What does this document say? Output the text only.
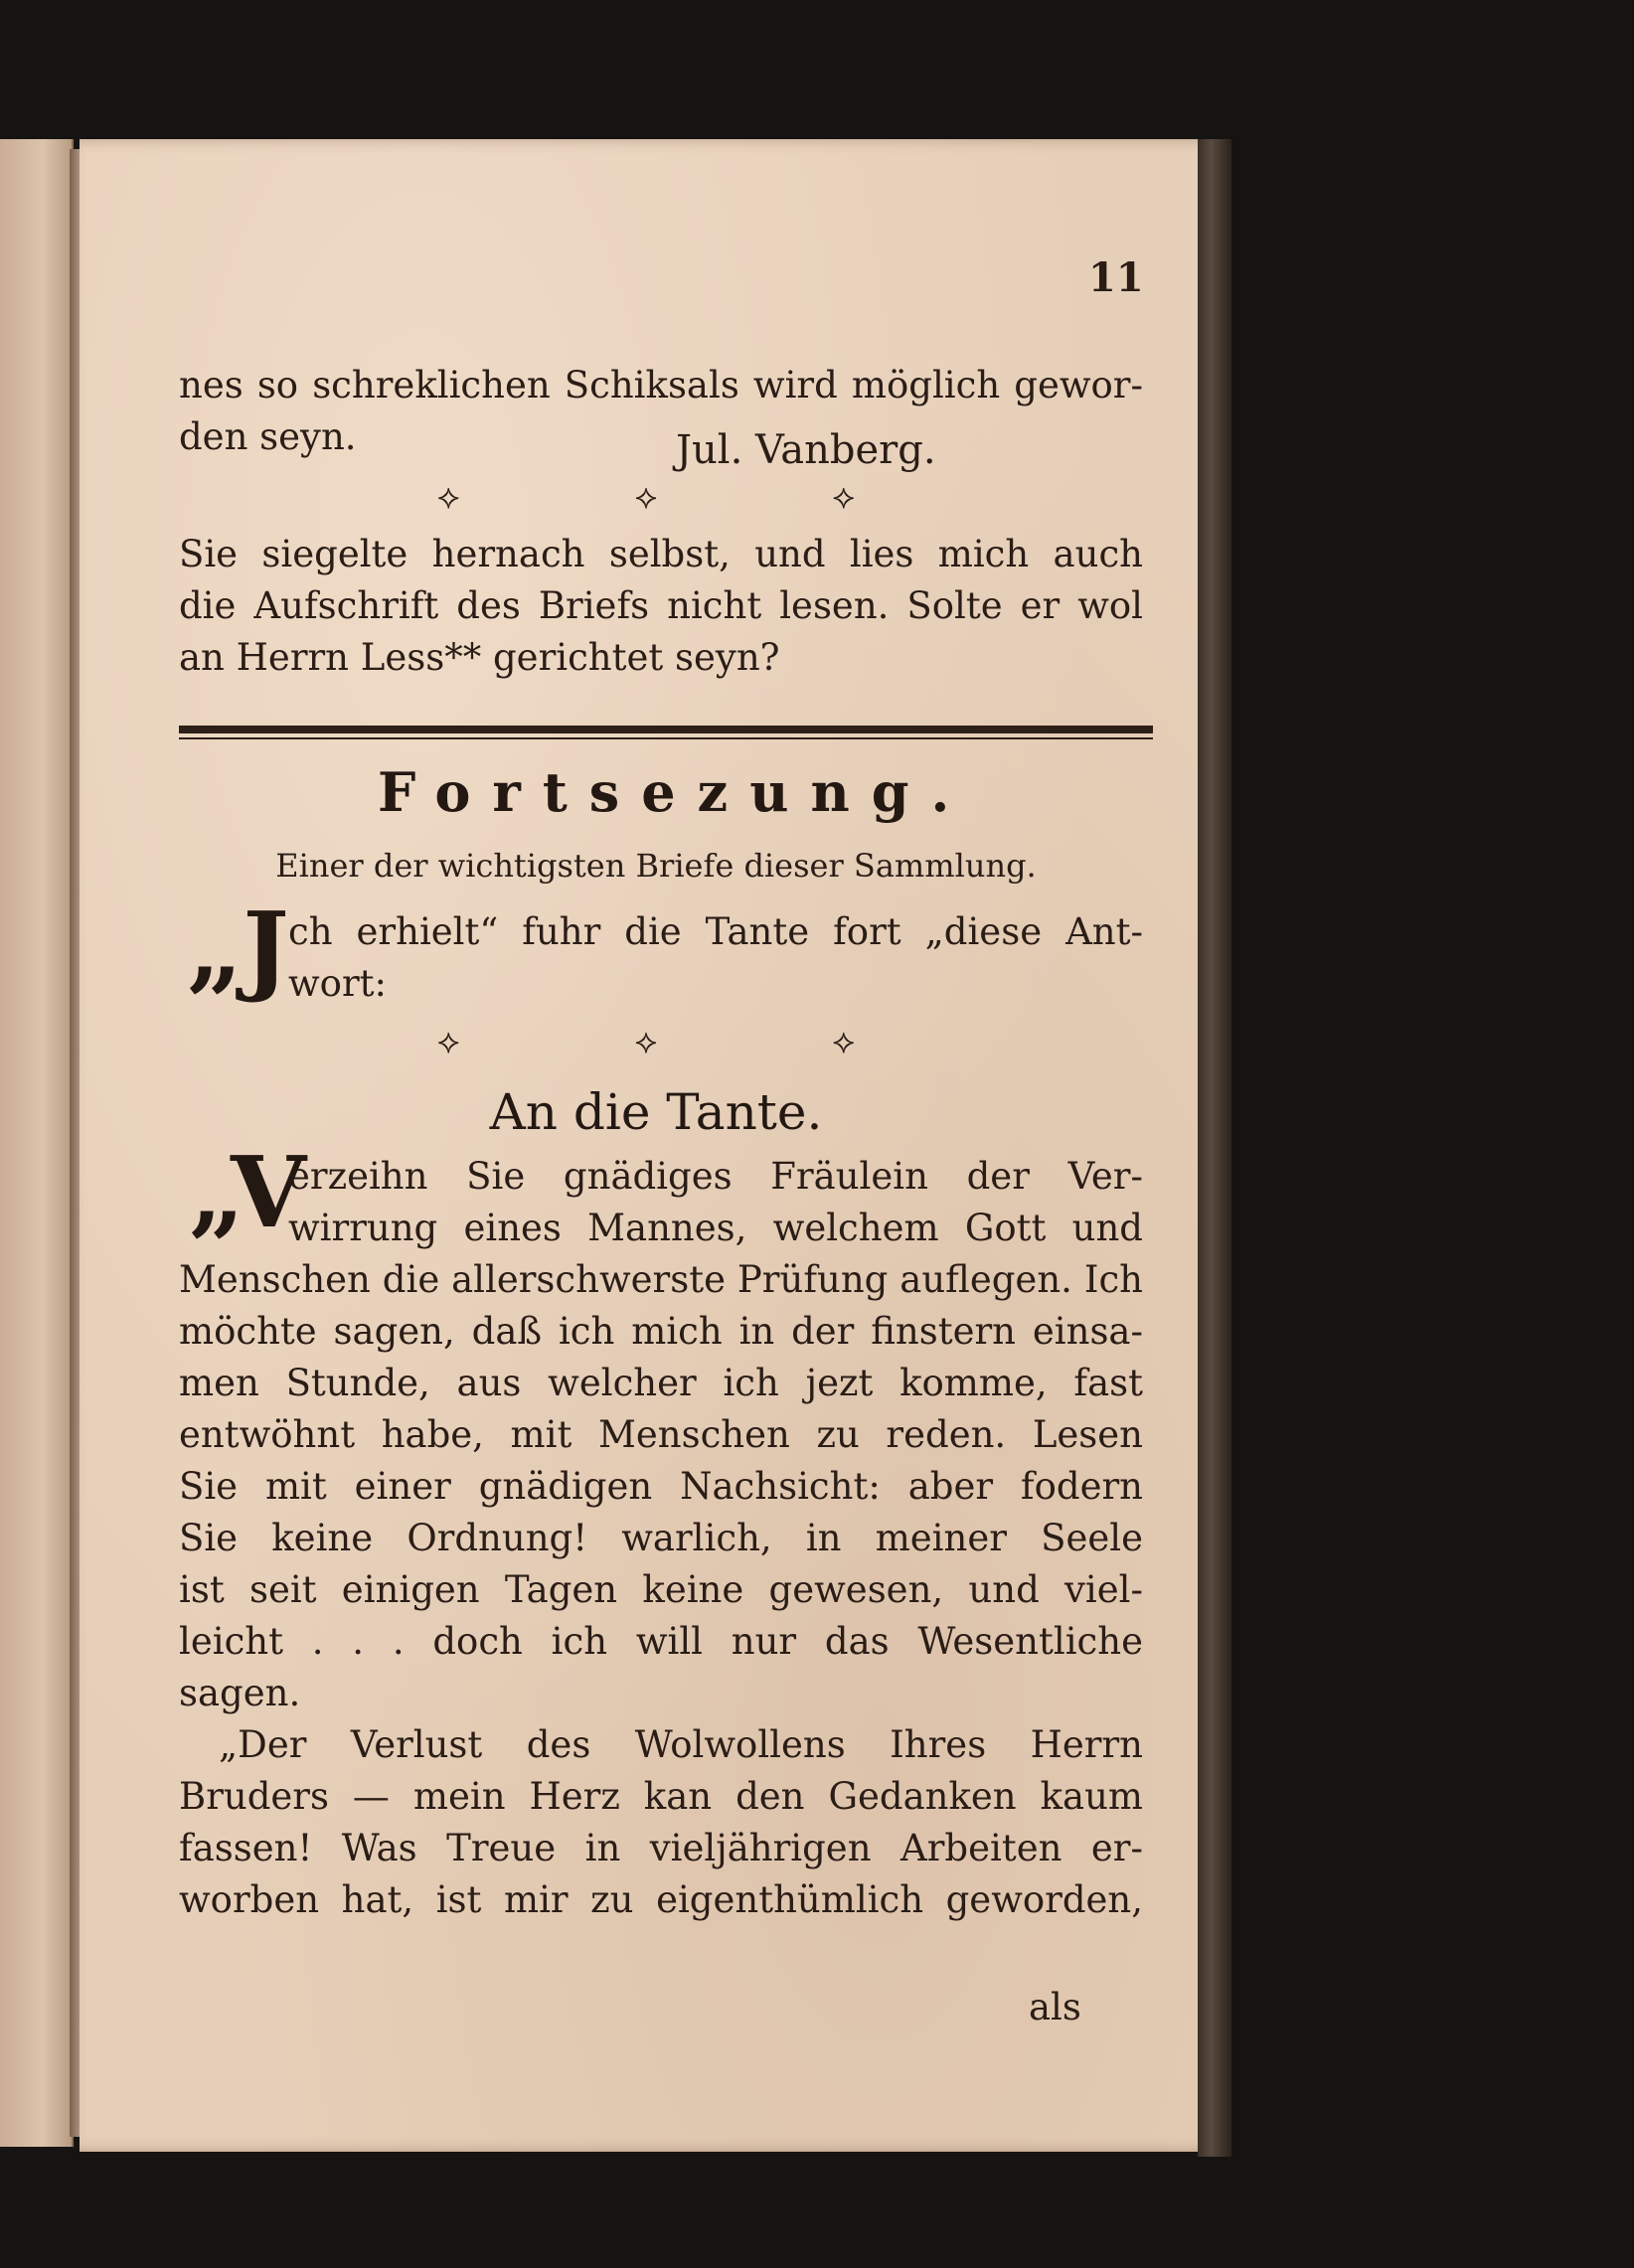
11
nes so schreklichen Schiksals wird möglich gewor-
den seyn.	Jul. Vanberg.
⟡	⟡	⟡
Sie siegelte hernach selbst, und lies mich auch
die Aufschrift des Briefs nicht lesen. Solte er wol
an Herrn Less** gerichtet seyn?
Fortsezung.
Einer der wichtigsten Briefe dieser Sammlung.
„J ch erhielt“ fuhr die Tante fort „diese Ant-
wort:
⟡	⟡	⟡
An die Tante.
„V
erzeihn Sie gnädiges Fräulein der Ver-
wirrung eines Mannes, welchem Gott und
Menschen die allerschwerste Prüfung auflegen. Ich
möchte sagen, daß ich mich in der finstern einsa-
men Stunde, aus welcher ich jezt komme, fast
entwöhnt habe, mit Menschen zu reden. Lesen
Sie mit einer gnädigen Nachsicht: aber fodern
Sie keine Ordnung! warlich, in meiner Seele
ist seit einigen Tagen keine gewesen, und viel-
leicht . . . doch ich will nur das Wesentliche
sagen.
„Der Verlust des Wolwollens Ihres Herrn
Bruders — mein Herz kan den Gedanken kaum
fassen! Was Treue in vieljährigen Arbeiten er-
worben hat, ist mir zu eigenthümlich geworden,
als
